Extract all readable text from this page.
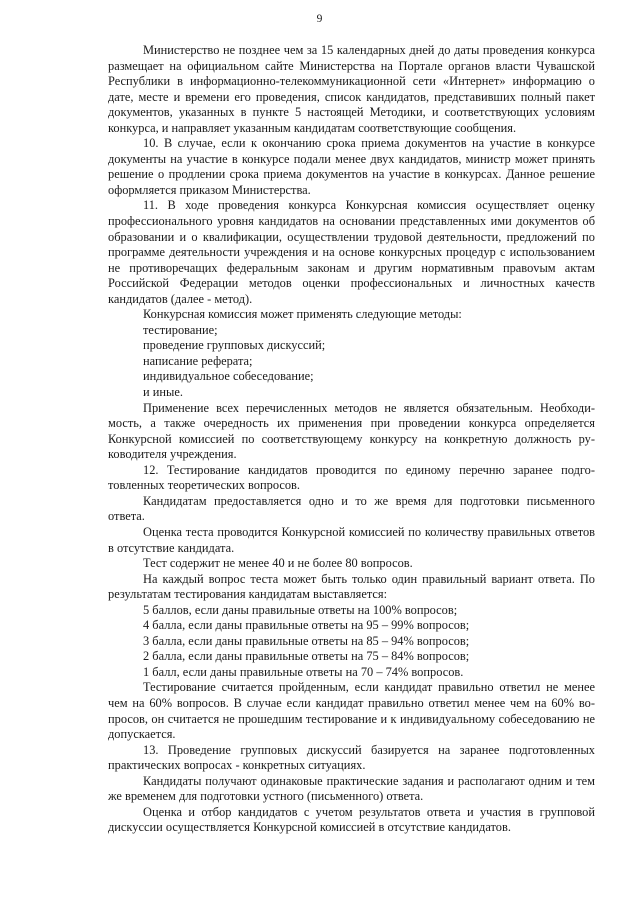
9

Министерство не позднее чем за 15 календарных дней до даты проведения конкурса размещает на официальном сайте Министерства на Портале органов власти Чувашской Республики в информационно-телекоммуникационной сети «Интернет» информацию о дате, месте и времени его проведения, список кандидатов, представивших полный пакет документов, указанных в пункте 5 настоящей Методики, и соответствующих условиям конкурса, и направляет указанным кандидатам соответствующие сообщения.

10. В случае, если к окончанию срока приема документов на участие в конкурсе документы на участие в конкурсе подали менее двух кандидатов, министр может принять решение о продлении срока приема документов на участие в конкурсах. Данное решение оформляется приказом Министерства.

11. В ходе проведения конкурса Конкурсная комиссия осуществляет оценку профессионального уровня кандидатов на основании представленных ими документов об образовании и о квалификации, осуществлении трудовой деятельности, предложений по программе деятельности учреждения и на основе конкурсных процедур с использованием не противоречащих федеральным законам и другим нормативным правоvым актам Российской Федерации методов оценки профессиональных и личностных качеств кандидатов (далее - метод).

Конкурсная комиссия может применять следующие методы:

тестирование;

проведение групповых дискуссий;

написание реферата;

индивидуальное собеседование;

и иные.

Применение всех перечисленных методов не является обязательным. Необходимость, а также очередность их применения при проведении конкурса определяется Конкурсной комиссией по соответствующему конкурсу на конкретную должность руководителя учреждения.

12. Тестирование кандидатов проводится по единому перечню заранее подготовленных теоретических вопросов.

Кандидатам предоставляется одно и то же время для подготовки письменного ответа.

Оценка теста проводится Конкурсной комиссией по количеству правильных ответов в отсутствие кандидата.

Тест содержит не менее 40 и не более 80 вопросов.

На каждый вопрос теста может быть только один правильный вариант ответа. По результатам тестирования кандидатам выставляется:

5 баллов, если даны правильные ответы на 100% вопросов;

4 балла, если даны правильные ответы на 95 – 99% вопросов;

3 балла, если даны правильные ответы на 85 – 94% вопросов;

2 балла, если даны правильные ответы на 75 – 84% вопросов;

1 балл, если даны правильные ответы на 70 – 74% вопросов.

Тестирование считается пройденным, если кандидат правильно ответил не менее чем на 60% вопросов. В случае если кандидат правильно ответил менее чем на 60% вопросов, он считается не прошедшим тестирование и к индивидуальному собеседованию не допускается.

13. Проведение групповых дискуссий базируется на заранее подготовленных практических вопросах - конкретных ситуациях.

Кандидаты получают одинаковые практические задания и располагают одним и тем же временем для подготовки устного (письменного) ответа.

Оценка и отбор кандидатов с учетом результатов ответа и участия в групповой дискуссии осуществляется Конкурсной комиссией в отсутствие кандидатов.
